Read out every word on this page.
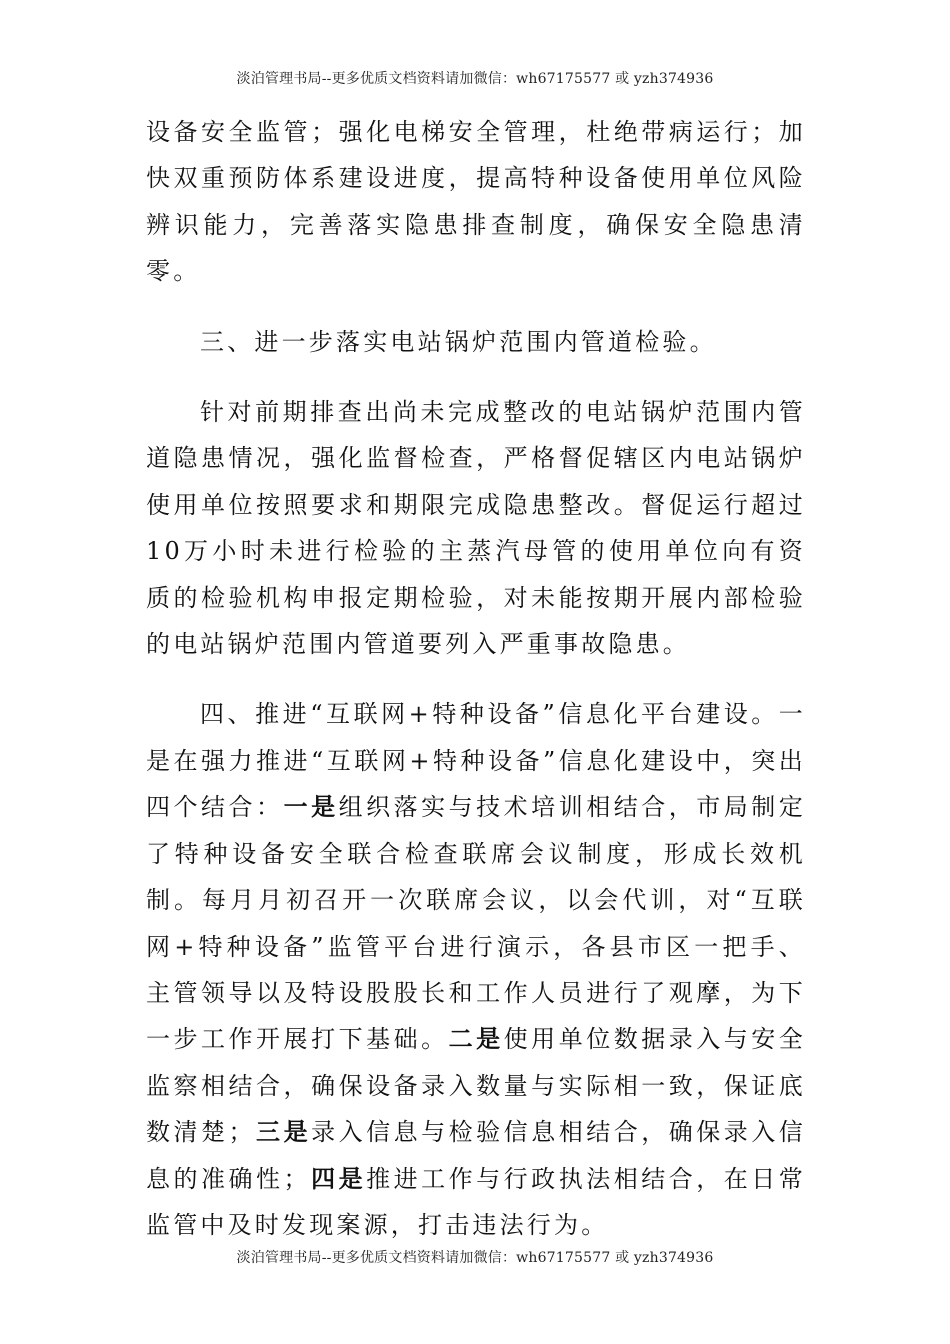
淡泊管理书局--更多优质文档资料请加微信：wh67175577 或 yzh374936

设备安全监管；强化电梯安全管理，杜绝带病运行；加快双重预防体系建设进度，提高特种设备使用单位风险辨识能力，完善落实隐患排查制度，确保安全隐患清零。

三、进一步落实电站锅炉范围内管道检验。

针对前期排查出尚未完成整改的电站锅炉范围内管道隐患情况，强化监督检查，严格督促辖区内电站锅炉使用单位按照要求和期限完成隐患整改。督促运行超过10万小时未进行检验的主蒸汽母管的使用单位向有资质的检验机构申报定期检验，对未能按期开展内部检验的电站锅炉范围内管道要列入严重事故隐患。

四、推进“互联网+特种设备”信息化平台建设。一是在强力推进“互联网+特种设备”信息化建设中，突出四个结合：一是组织落实与技术培训相结合，市局制定了特种设备安全联合检查联席会议制度，形成长效机制。每月月初召开一次联席会议，以会代训，对“互联网+特种设备”监管平台进行演示，各县市区一把手、主管领导以及特设股股长和工作人员进行了观摩，为下一步工作开展打下基础。二是使用单位数据录入与安全监察相结合，确保设备录入数量与实际相一致，保证底数清楚；三是录入信息与检验信息相结合，确保录入信息的准确性；四是推进工作与行政执法相结合，在日常监管中及时发现案源，打击违法行为。

淡泊管理书局--更多优质文档资料请加微信：wh67175577 或 yzh374936
